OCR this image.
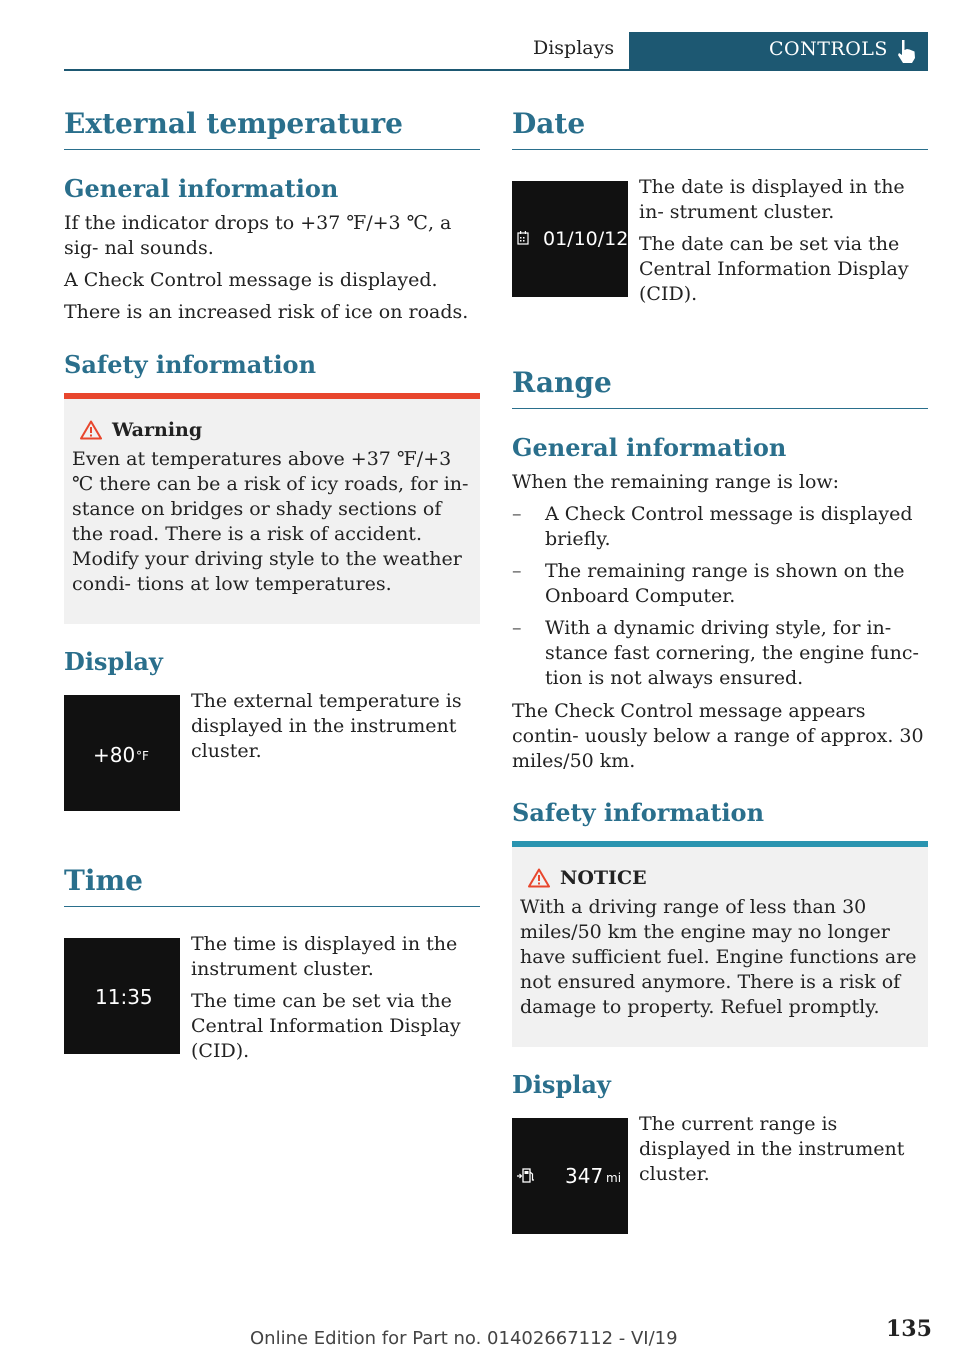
Displays	CONTROLS
External temperature
General information

If the indicator drops to +37 ℉/+3 ℃, a sig‐ nal sounds.

A Check Control message is displayed.

There is an increased risk of ice on roads.

Safety information
Warning

Even at temperatures above +37 ℉/+3 ℃ there can be a risk of icy roads, for in‐ stance on bridges or shady sections of the road. There is a risk of accident. Modify your driving style to the weather condi‐ tions at low temperatures.

Display
+80 °F

The external temperature is displayed in the instrument cluster.

Time
11:35

The time is displayed in the instrument cluster.

The time can be set via the Central Information Display (CID).

Date
01/10/12

The date is displayed in the in‐ strument cluster.

The date can be set via the Central Information Display (CID).

Range
General information

When the remaining range is low:

– A Check Control message is displayed briefly.
– The remaining range is shown on the Onboard Computer.
– With a dynamic driving style, for in‐ stance fast cornering, the engine func‐ tion is not always ensured.

The Check Control message appears contin‐ uously below a range of approx. 30 miles/50 km.

Safety information
NOTICE

With a driving range of less than 30 miles/50 km the engine may no longer have sufficient fuel. Engine functions are not ensured anymore. There is a risk of damage to property. Refuel promptly.

Display
347 mi

The current range is displayed in the instrument cluster.

135
Online Edition for Part no. 01402667112 - VI/19
